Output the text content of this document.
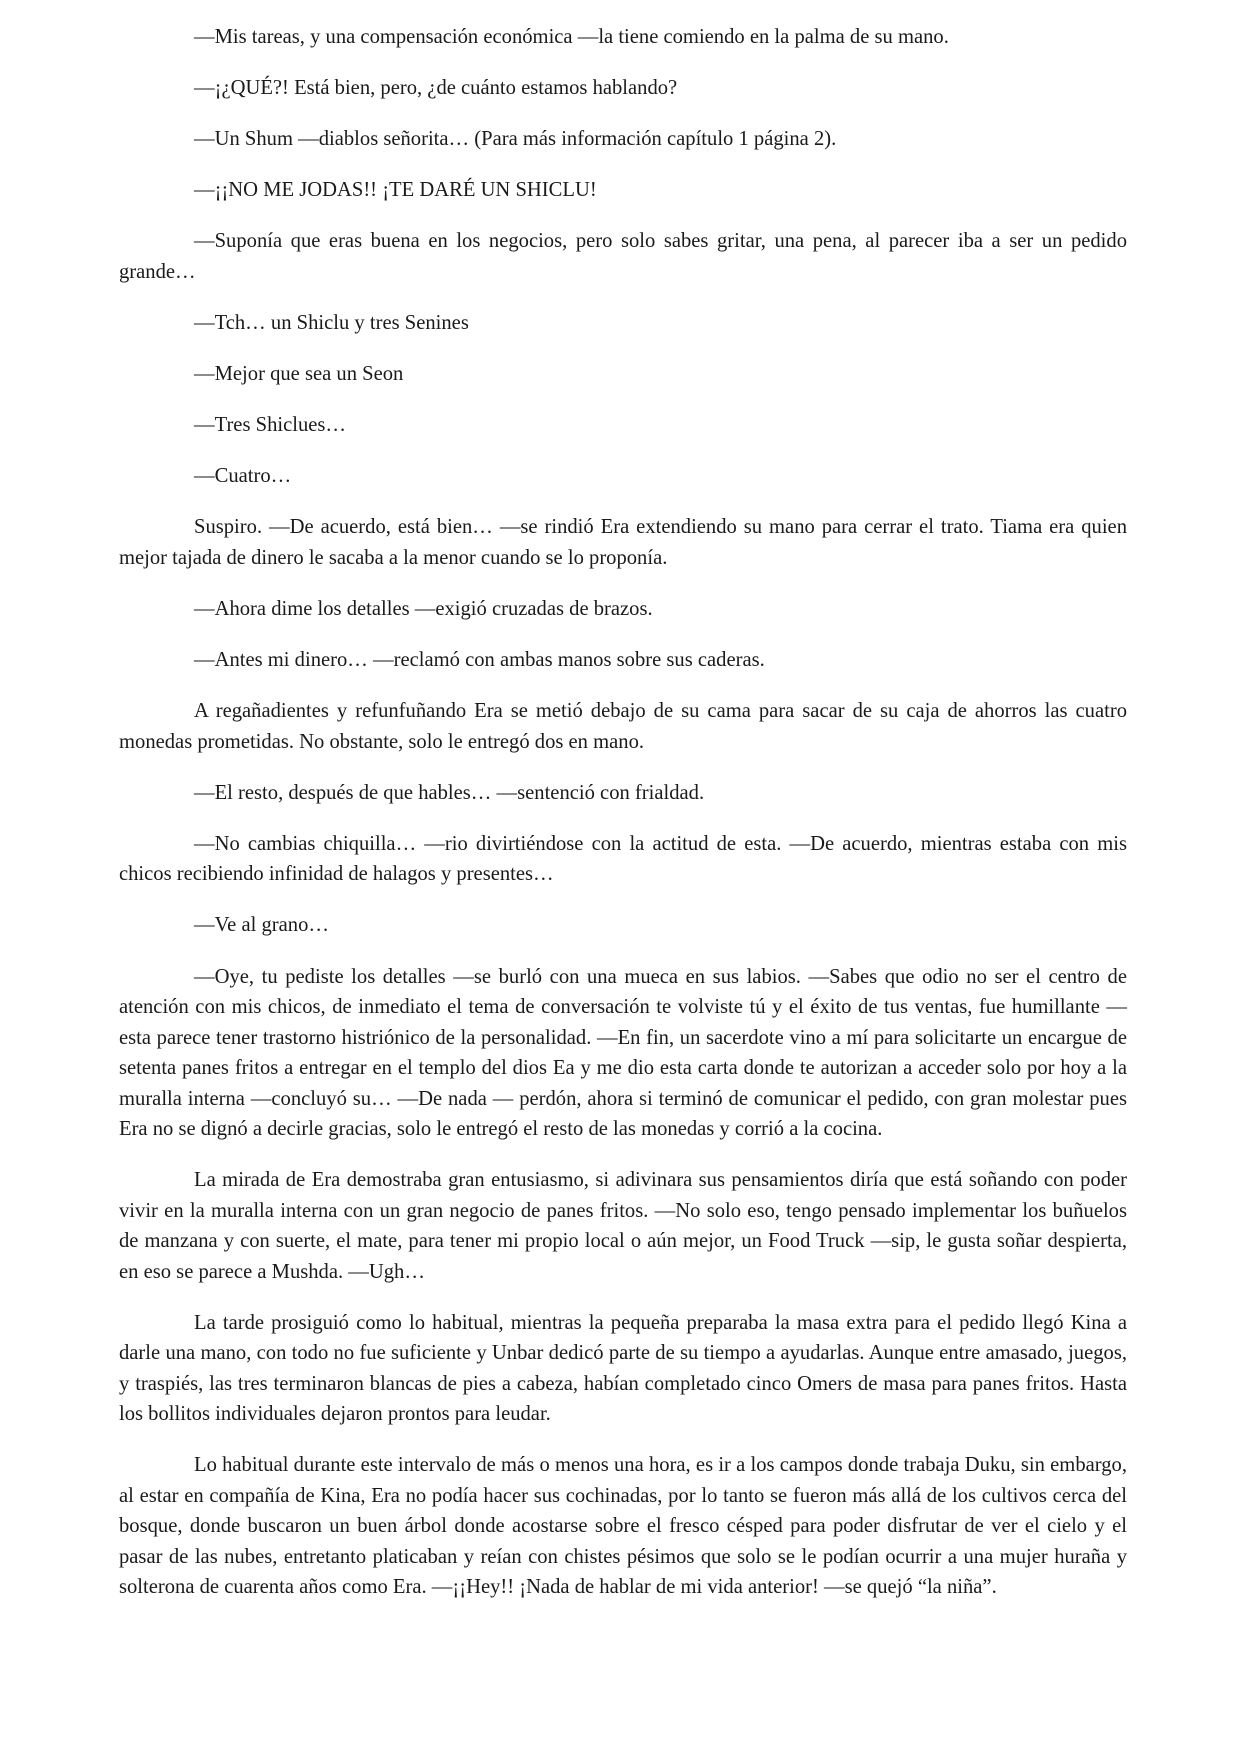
—Mis tareas, y una compensación económica —la tiene comiendo en la palma de su mano.

—¡¿QUÉ?! Está bien, pero, ¿de cuánto estamos hablando?

—Un Shum —diablos señorita… (Para más información capítulo 1 página 2).

—¡¡NO ME JODAS!! ¡TE DARÉ UN SHICLU!

—Suponía que eras buena en los negocios, pero solo sabes gritar, una pena, al parecer iba a ser un pedido grande…

—Tch… un Shiclu y tres Senines

—Mejor que sea un Seon

—Tres Shiclues…

—Cuatro…

Suspiro. —De acuerdo, está bien… —se rindió Era extendiendo su mano para cerrar el trato. Tiama era quien mejor tajada de dinero le sacaba a la menor cuando se lo proponía.

—Ahora dime los detalles —exigió cruzadas de brazos.

—Antes mi dinero… —reclamó con ambas manos sobre sus caderas.

A regañadientes y refunfuñando Era se metió debajo de su cama para sacar de su caja de ahorros las cuatro monedas prometidas. No obstante, solo le entregó dos en mano.

—El resto, después de que hables… —sentenció con frialdad.

—No cambias chiquilla… —rio divirtiéndose con la actitud de esta. —De acuerdo, mientras estaba con mis chicos recibiendo infinidad de halagos y presentes…

—Ve al grano…

—Oye, tu pediste los detalles —se burló con una mueca en sus labios. —Sabes que odio no ser el centro de atención con mis chicos, de inmediato el tema de conversación te volviste tú y el éxito de tus ventas, fue humillante —esta parece tener trastorno histriónico de la personalidad. —En fin, un sacerdote vino a mí para solicitarte un encargue de setenta panes fritos a entregar en el templo del dios Ea y me dio esta carta donde te autorizan a acceder solo por hoy a la muralla interna —concluyó su… —De nada — perdón, ahora si terminó de comunicar el pedido, con gran molestar pues Era no se dignó a decirle gracias, solo le entregó el resto de las monedas y corrió a la cocina.

La mirada de Era demostraba gran entusiasmo, si adivinara sus pensamientos diría que está soñando con poder vivir en la muralla interna con un gran negocio de panes fritos. —No solo eso, tengo pensado implementar los buñuelos de manzana y con suerte, el mate, para tener mi propio local o aún mejor, un Food Truck —sip, le gusta soñar despierta, en eso se parece a Mushda. —Ugh…

La tarde prosiguió como lo habitual, mientras la pequeña preparaba la masa extra para el pedido llegó Kina a darle una mano, con todo no fue suficiente y Unbar dedicó parte de su tiempo a ayudarlas. Aunque entre amasado, juegos, y traspiés, las tres terminaron blancas de pies a cabeza, habían completado cinco Omers de masa para panes fritos. Hasta los bollitos individuales dejaron prontos para leudar.

Lo habitual durante este intervalo de más o menos una hora, es ir a los campos donde trabaja Duku, sin embargo, al estar en compañía de Kina, Era no podía hacer sus cochinadas, por lo tanto se fueron más allá de los cultivos cerca del bosque, donde buscaron un buen árbol donde acostarse sobre el fresco césped para poder disfrutar de ver el cielo y el pasar de las nubes, entretanto platicaban y reían con chistes pésimos que solo se le podían ocurrir a una mujer huraña y solterona de cuarenta años como Era. —¡¡Hey!! ¡Nada de hablar de mi vida anterior! —se quejó “la niña”.
